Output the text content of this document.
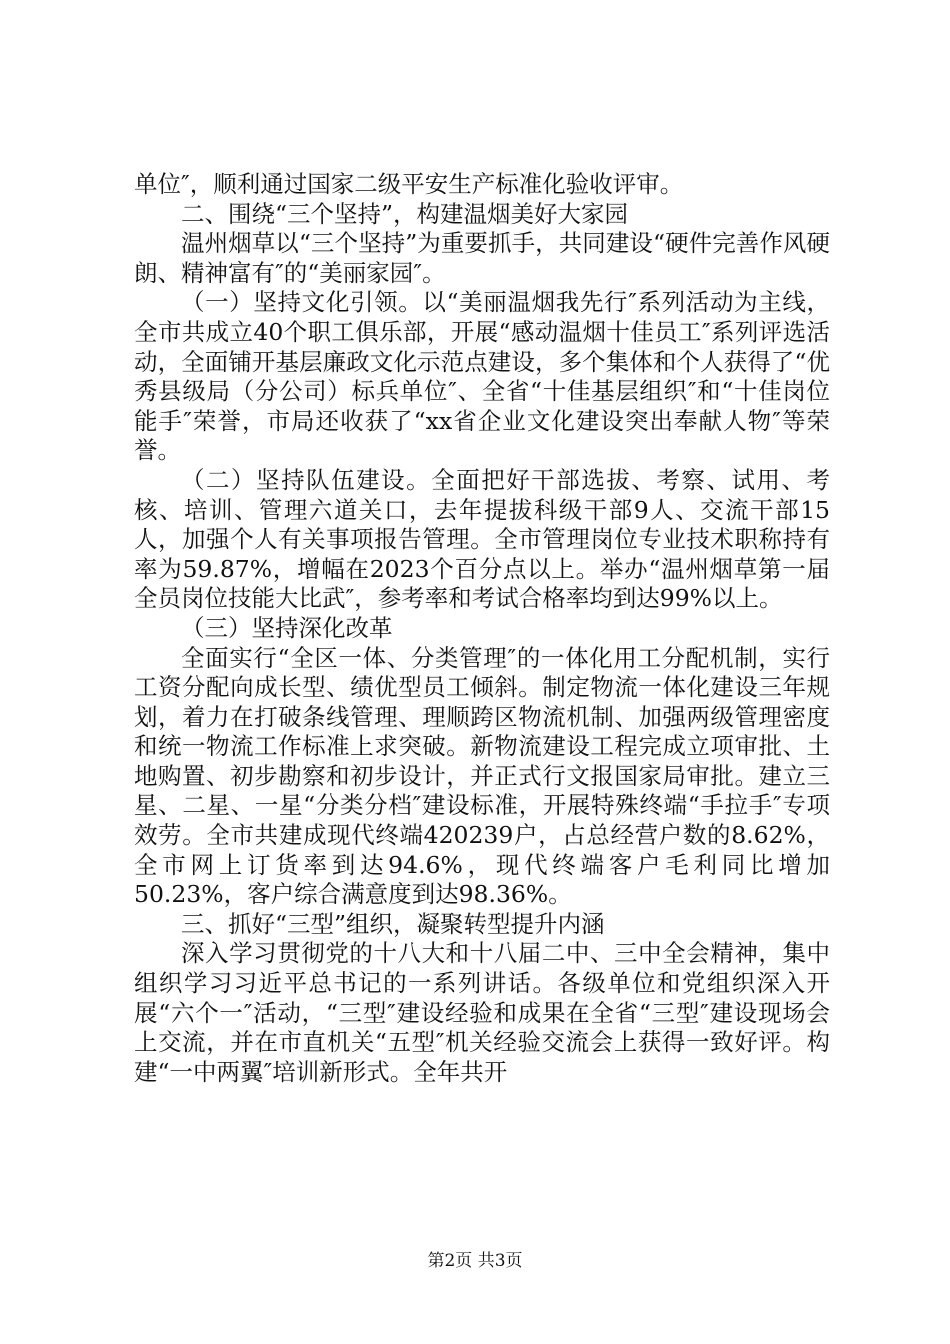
单位″，顺利通过国家二级平安生产标准化验收评审。

二、围绕“三个坚持”，构建温烟美好大家园

温州烟草以“三个坚持”为重要抓手，共同建设“硬件完善作风硬朗、精神富有″的“美丽家园″。

（一）坚持文化引领。以“美丽温烟我先行″系列活动为主线，全市共成立40个职工俱乐部，开展“感动温烟十佳员工″系列评选活动，全面铺开基层廉政文化示范点建设，多个集体和个人获得了“优秀县级局（分公司）标兵单位″、全省“十佳基层组织″和“十佳岗位能手″荣誉，市局还收获了“xx省企业文化建设突出奉献人物″等荣誉。

（二）坚持队伍建设。全面把好干部选拔、考察、试用、考核、培训、管理六道关口，去年提拔科级干部9人、交流干部15人，加强个人有关事项报告管理。全市管理岗位专业技术职称持有率为59.87%，增幅在2023个百分点以上。举办“温州烟草第一届全员岗位技能大比武″，参考率和考试合格率均到达99%以上。

（三）坚持深化改革

全面实行“全区一体、分类管理″的一体化用工分配机制，实行工资分配向成长型、绩优型员工倾斜。制定物流一体化建设三年规划，着力在打破条线管理、理顺跨区物流机制、加强两级管理密度和统一物流工作标准上求突破。新物流建设工程完成立项审批、土地购置、初步勘察和初步设计，并正式行文报国家局审批。建立三星、二星、一星“分类分档″建设标准，开展特殊终端“手拉手″专项效劳。全市共建成现代终端420239户，占总经营户数的8.62%，全市网上订货率到达94.6%，现代终端客户毛利同比增加50.23%，客户综合满意度到达98.36%。

三、抓好“三型”组织，凝聚转型提升内涵

深入学习贯彻党的十八大和十八届二中、三中全会精神，集中组织学习习近平总书记的一系列讲话。各级单位和党组织深入开展“六个一″活动，“三型″建设经验和成果在全省“三型″建设现场会上交流，并在市直机关“五型″机关经验交流会上获得一致好评。构建“一中两翼″培训新形式。全年共开

第2页 共3页
